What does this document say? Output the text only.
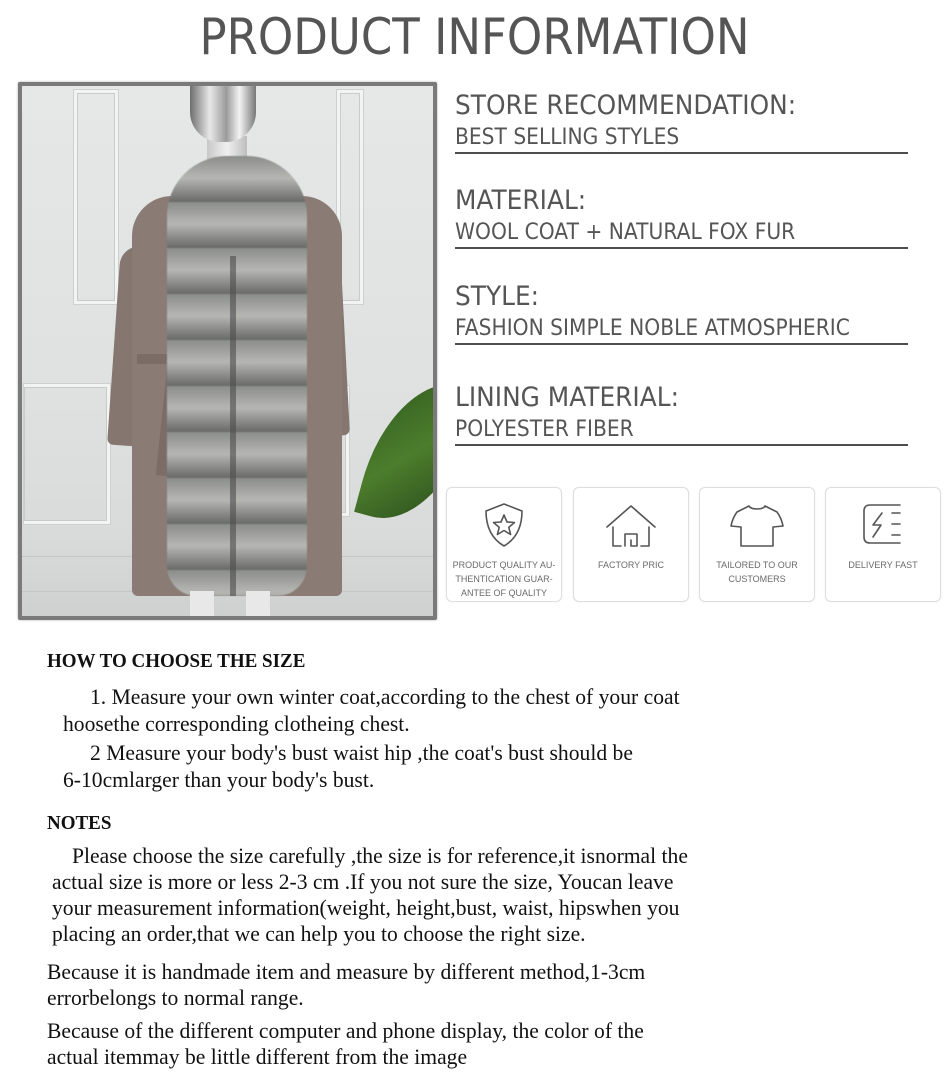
PRODUCT INFORMATION
STORE RECOMMENDATION:
BEST SELLING STYLES
MATERIAL:
WOOL COAT + NATURAL FOX FUR
STYLE:
FASHION SIMPLE NOBLE ATMOSPHERIC
LINING MATERIAL:
POLYESTER FIBER
PRODUCT QUALITY AU-
THENTICATION GUAR-
ANTEE OF QUALITY
FACTORY PRIC	TAILORED TO OUR
CUSTOMERS
DELIVERY FAST
HOW TO CHOOSE THE SIZE
1. Measure your own winter coat,according to the chest of your coat
hoosethe corresponding clotheing chest.
2 Measure your body's bust waist hip ,the coat's bust should be
6-10cmlarger than your body's bust.
NOTES
Please choose the size carefully ,the size is for reference,it isnormal the
actual size is more or less 2-3 cm .If you not sure the size, Youcan leave
your measurement information(weight, height,bust, waist, hipswhen you
placing an order,that we can help you to choose the right size.
Because it is handmade item and measure by different method,1-3cm
errorbelongs to normal range.
Because of the different computer and phone display, the color of the
actual itemmay be little different from the image
